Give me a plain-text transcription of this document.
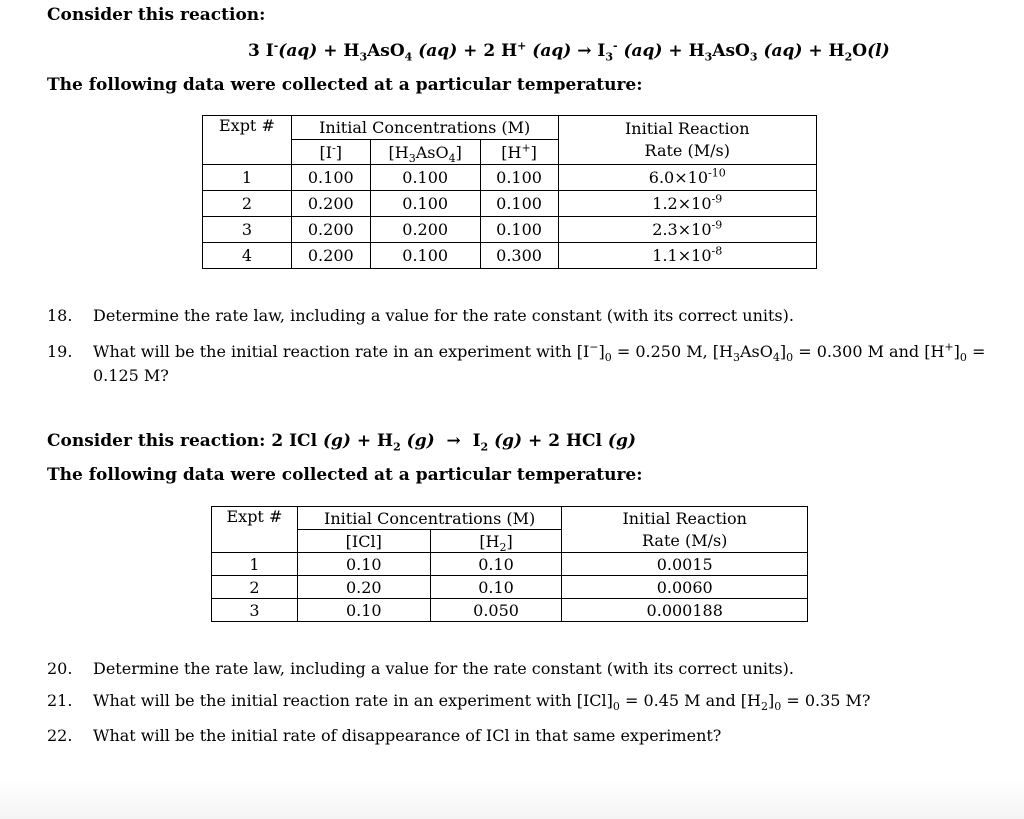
Consider this reaction:
3 $I^-(aq) + H_3AsO_4$ (aq) + 2 H+ $(aq) \to I_3^-$ $(aq) + H_3AsO_3$ $(aq) + H_2O(l)$
The following data were collected at a particular temperature:
Expt #	Initial Concentrations (M)			Initial Reaction
Rate (M/s)
	[I-]	$[H_3AsO_4]$	[H+]	
1	0.100	0.100	0.100	$6.0\times 10^{-10}$
2	0.200	0.100	0.100	$1.2\times 10^{-9}$
3	0.200	0.200	0.100	$2.3\times 10^{-9}$
4	0.200	0.100	0.300	$1.1\times 10^{-8}$
18. Determine the rate law, including a value for the rate constant (with its correct units).
19. What will be the initial reaction rate in an experiment with $[I^-]_0 = 0.250$ M, $[H_3AsO_4]_0 = 0.300$ M and $[H^+]_0$ =
0.125 M?
Consider this reaction: 2 ICl $(g) + H_2$ $(g) \to I_2$ (g) + 2 HCl (g)
The following data were collected at a particular temperature:
Expt #	Initial Concentrations (M)		Initial Reaction
Rate (M/s)
	[ICl]	$[H_2]$	
1	0.10	0.10	0.0015
2	0.20	0.10	0.0060
3	0.10	0.050	0.000188
20. Determine the rate law, including a value for the rate constant (with its correct units).
21. What will be the initial reaction rate in an experiment with $[ICl]_0 = 0.45$ M and $[H_2]_0 = 0.35$ M?
22. What will be the initial rate of disappearance of ICl in that same experiment?
